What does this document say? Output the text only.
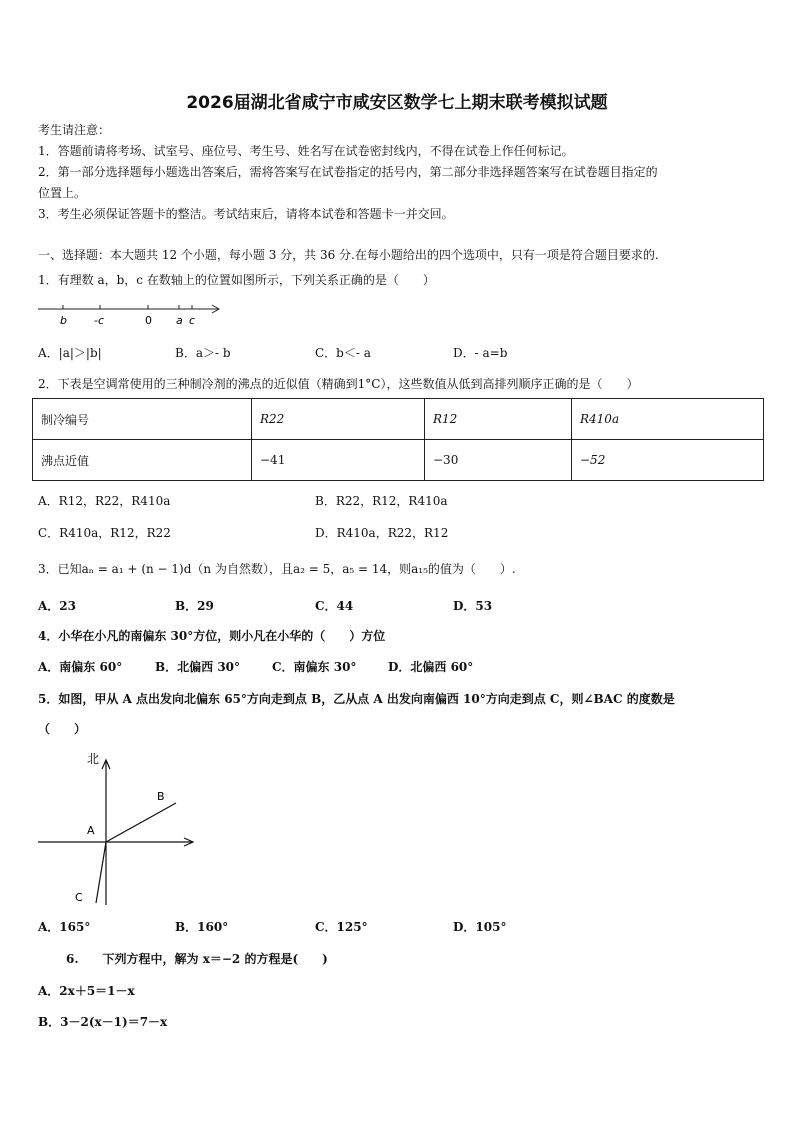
2026届湖北省咸宁市咸安区数学七上期末联考模拟试题
考生请注意：
1．答题前请将考场、试室号、座位号、考生号、姓名写在试卷密封线内，不得在试卷上作任何标记。
2．第一部分选择题每小题选出答案后，需将答案写在试卷指定的括号内，第二部分非选择题答案写在试卷题目指定的
位置上。
3．考生必须保证答题卡的整洁。考试结束后，请将本试卷和答题卡一并交回。
一、选择题：本大题共 12 个小题，每小题 3 分，共 36 分.在每小题给出的四个选项中，只有一项是符合题目要求的.
1．有理数 a，b，c 在数轴上的位置如图所示，下列关系正确的是（　　）
b -c	0 a c
A．|a|＞|b|	B．a＞- b	C．b＜- a	D．- a=b
2．下表是空调常使用的三种制冷剂的沸点的近似值（精确到1°C），这些数值从低到高排列顺序正确的是（　　）
制冷编号	R22	R12	R410a
沸点近值	−41	−30	−52
A．R12，R22，R410a	B．R22，R12，R410a
C．R410a，R12，R22	D．R410a，R22，R12
3．已知aₙ = a₁ + (n − 1)d（n 为自然数），且a₂ = 5，a₅ = 14，则a₁₅的值为（　　）.
A．23	B．29	C．44	D．53
4．小华在小凡的南偏东 30°方位，则小凡在小华的（　　）方位
A．南偏东 60°	B．北偏西 30°	C．南偏东 30°	D．北偏西 60°
5．如图，甲从 A 点出发向北偏东 65°方向走到点 B，乙从点 A 出发向南偏西 10°方向走到点 C，则∠BAC 的度数是
（　　）
北
A
B
C
A．165°	B．160°	C．125°	D．105°
6.　　下列方程中，解为 x＝−2 的方程是(　　)
A．2x＋5＝1－x
B．3－2(x－1)＝7－x
